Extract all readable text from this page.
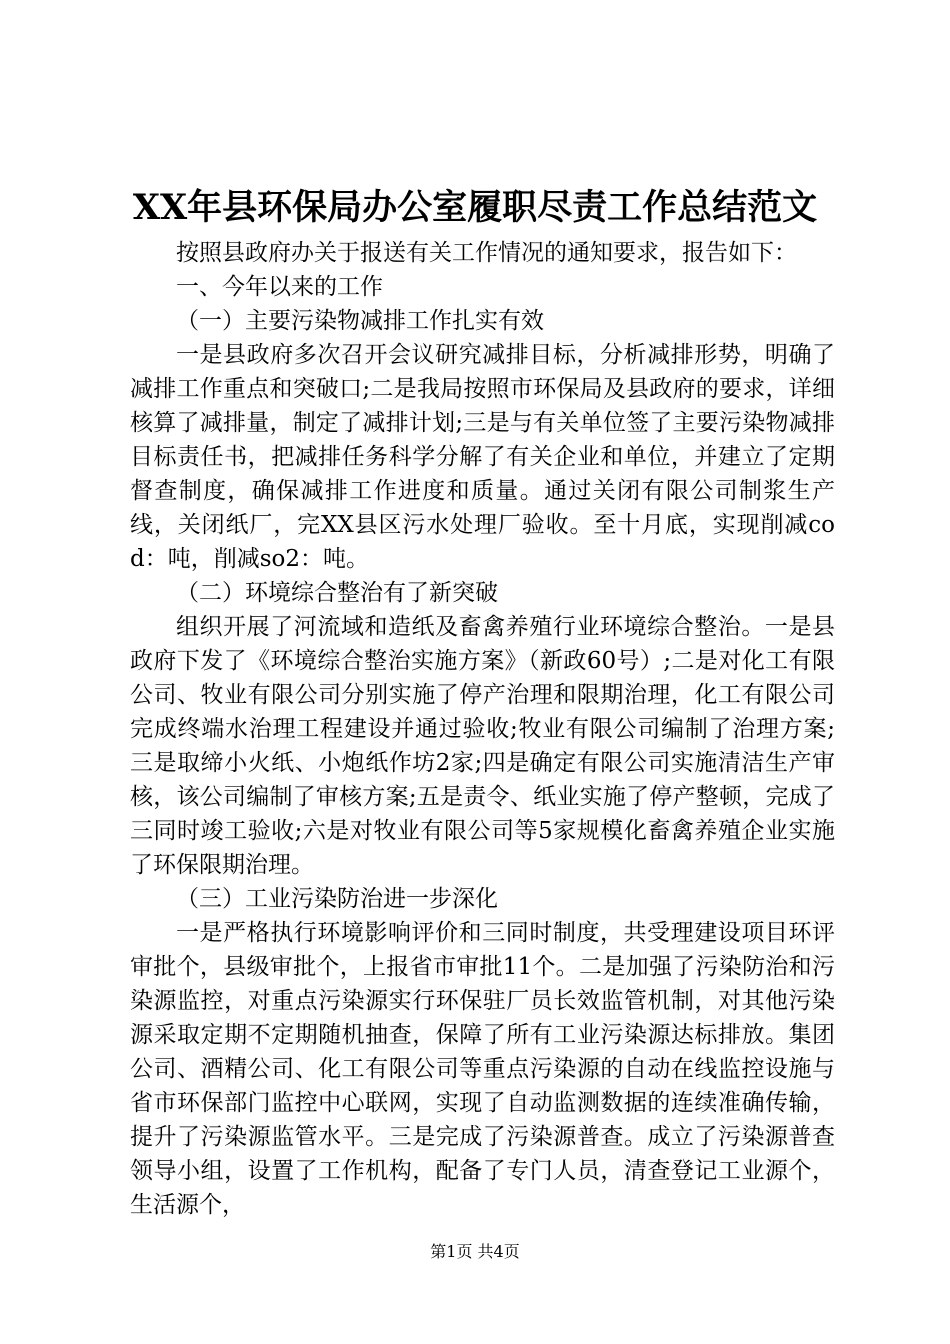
XX年县环保局办公室履职尽责工作总结范文

按照县政府办关于报送有关工作情况的通知要求，报告如下：

一、今年以来的工作

（一）主要污染物减排工作扎实有效

一是县政府多次召开会议研究减排目标，分析减排形势，明确了减排工作重点和突破口;二是我局按照市环保局及县政府的要求，详细核算了减排量，制定了减排计划;三是与有关单位签了主要污染物减排目标责任书，把减排任务科学分解了有关企业和单位，并建立了定期督查制度，确保减排工作进度和质量。通过关闭有限公司制浆生产线，关闭纸厂，完XX县区污水处理厂验收。至十月底，实现削减cod：吨，削减so2：吨。

（二）环境综合整治有了新突破

组织开展了河流域和造纸及畜禽养殖行业环境综合整治。一是县政府下发了《环境综合整治实施方案》（新政60号）;二是对化工有限公司、牧业有限公司分别实施了停产治理和限期治理，化工有限公司完成终端水治理工程建设并通过验收;牧业有限公司编制了治理方案;三是取缔小火纸、小炮纸作坊2家;四是确定有限公司实施清洁生产审核，该公司编制了审核方案;五是责令、纸业实施了停产整顿，完成了三同时竣工验收;六是对牧业有限公司等5家规模化畜禽养殖企业实施了环保限期治理。

（三）工业污染防治进一步深化

一是严格执行环境影响评价和三同时制度，共受理建设项目环评审批个，县级审批个，上报省市审批11个。二是加强了污染防治和污染源监控，对重点污染源实行环保驻厂员长效监管机制，对其他污染源采取定期不定期随机抽查，保障了所有工业污染源达标排放。集团公司、酒精公司、化工有限公司等重点污染源的自动在线监控设施与省市环保部门监控中心联网，实现了自动监测数据的连续准确传输，提升了污染源监管水平。三是完成了污染源普查。成立了污染源普查领导小组，设置了工作机构，配备了专门人员，清查登记工业源个，生活源个，

第1页 共4页
